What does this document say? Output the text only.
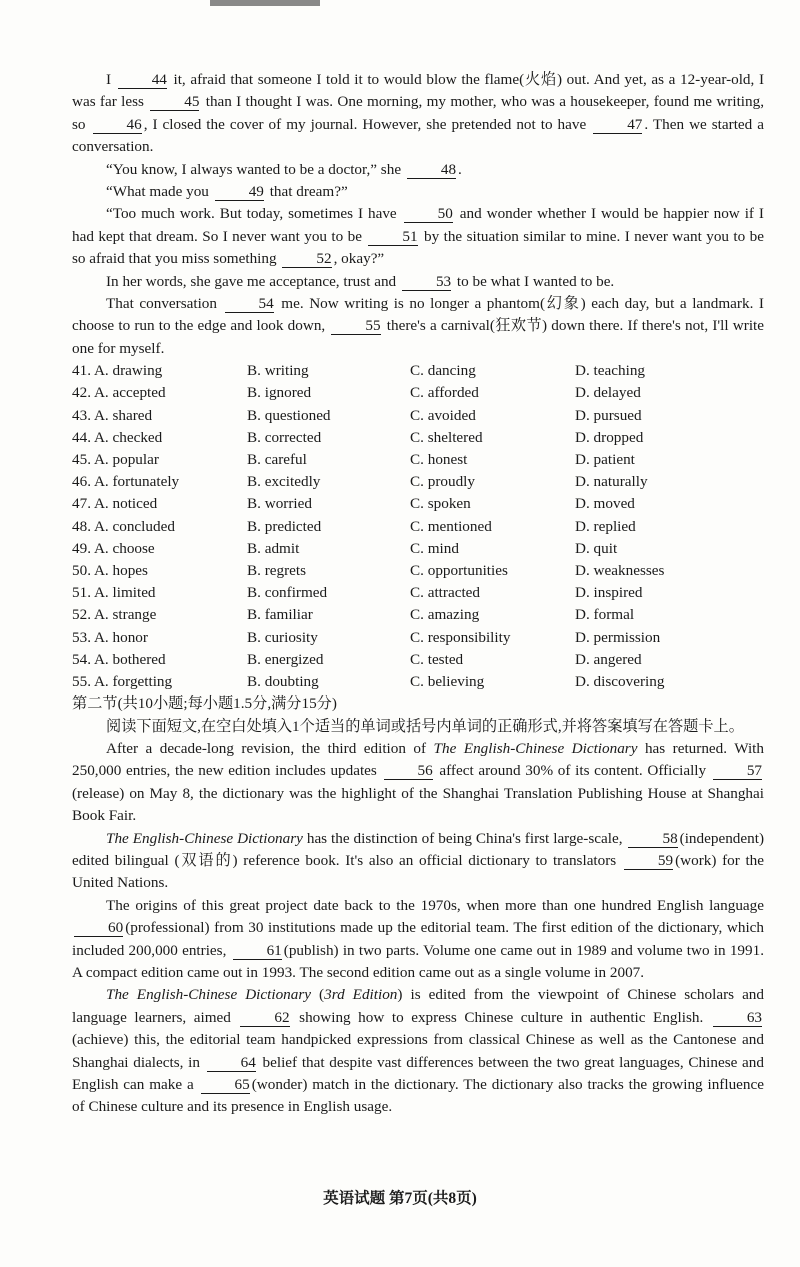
I 44 it, afraid that someone I told it to would blow the flame(火焰) out. And yet, as a 12-year-old, I was far less 45 than I thought I was. One morning, my mother, who was a housekeeper, found me writing, so 46 , I closed the cover of my journal. However, she pretended not to have 47 . Then we started a conversation.

“You know, I always wanted to be a doctor,” she 48 .

“What made you 49 that dream?”

“Too much work. But today, sometimes I have 50 and wonder whether I would be happier now if I had kept that dream. So I never want you to be 51 by the situation similar to mine. I never want you to be so afraid that you miss something 52 , okay?”

In her words, she gave me acceptance, trust and 53 to be what I wanted to be.

That conversation 54 me. Now writing is no longer a phantom(幻象) each day, but a landmark. I choose to run to the edge and look down, 55 there's a carnival(狂欢节) down there. If there's not, I'll write one for myself.

41. A. drawing	B. writing	C. dancing	D. teaching
42. A. accepted	B. ignored	C. afforded	D. delayed
43. A. shared	B. questioned	C. avoided	D. pursued
44. A. checked	B. corrected	C. sheltered	D. dropped
45. A. popular	B. careful	C. honest	D. patient
46. A. fortunately	B. excitedly	C. proudly	D. naturally
47. A. noticed	B. worried	C. spoken	D. moved
48. A. concluded	B. predicted	C. mentioned	D. replied
49. A. choose	B. admit	C. mind	D. quit
50. A. hopes	B. regrets	C. opportunities	D. weaknesses
51. A. limited	B. confirmed	C. attracted	D. inspired
52. A. strange	B. familiar	C. amazing	D. formal
53. A. honor	B. curiosity	C. responsibility	D. permission
54. A. bothered	B. energized	C. tested	D. angered
55. A. forgetting	B. doubting	C. believing	D. discovering

第二节(共10小题;每小题1.5分,满分15分)

阅读下面短文,在空白处填入1个适当的单词或括号内单词的正确形式,并将答案填写在答题卡上。

After a decade-long revision, the third edition of The English-Chinese Dictionary has returned. With 250,000 entries, the new edition includes updates 56 affect around 30% of its content. Officially 57(release) on May 8, the dictionary was the highlight of the Shanghai Translation Publishing House at Shanghai Book Fair.

The English-Chinese Dictionary has the distinction of being China's first large-scale, 58 (independent) edited bilingual (双语的) reference book. It's also an official dictionary to translators 59 (work) for the United Nations.

The origins of this great project date back to the 1970s, when more than one hundred English language 60 (professional) from 30 institutions made up the editorial team. The first edition of the dictionary, which included 200,000 entries, 61 (publish) in two parts. Volume one came out in 1989 and volume two in 1991. A compact edition came out in 1993. The second edition came out as a single volume in 2007.

The English-Chinese Dictionary (3rd Edition) is edited from the viewpoint of Chinese scholars and language learners, aimed 62 showing how to express Chinese culture in authentic English. 63(achieve) this, the editorial team handpicked expressions from classical Chinese as well as the Cantonese and Shanghai dialects, in 64 belief that despite vast differences between the two great languages, Chinese and English can make a 65 (wonder) match in the dictionary. The dictionary also tracks the growing influence of Chinese culture and its presence in English usage.

英语试题 第7页(共8页)
